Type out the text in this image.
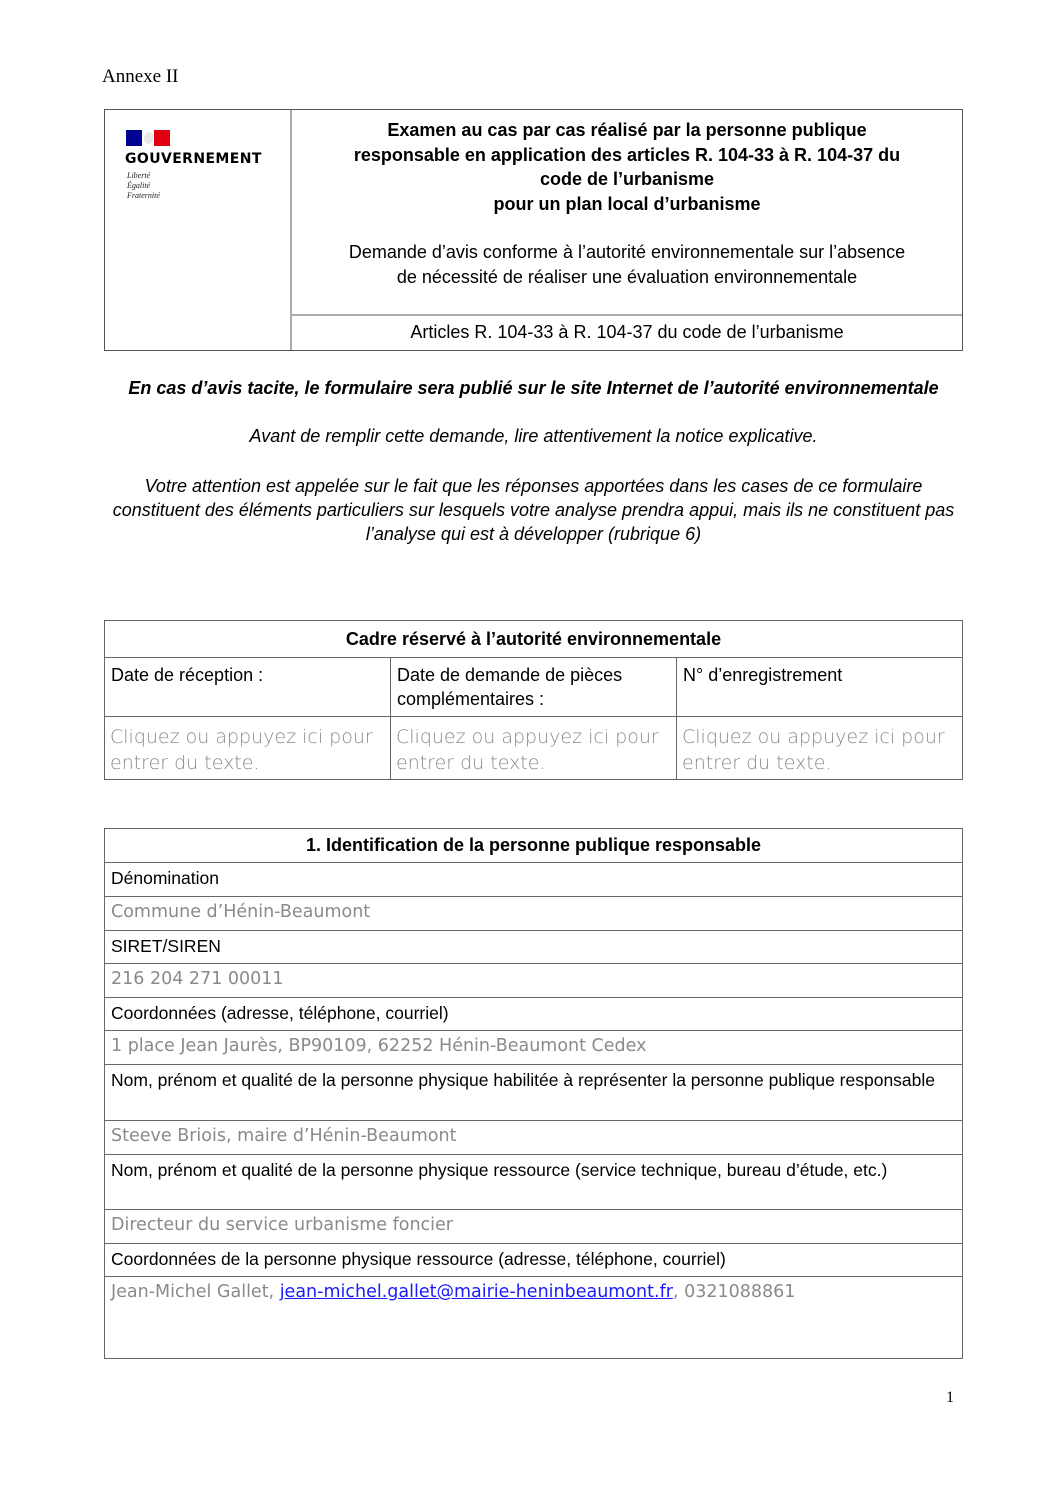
Annexe II
GOUVERNEMENT
Liberté
Égalité
Fraternité
Examen au cas par cas réalisé par la personne publique
responsable en application des articles R. 104-33 à R. 104-37 du
code de l’urbanisme
pour un plan local d’urbanisme
Demande d’avis conforme à l’autorité environnementale sur l’absence
de nécessité de réaliser une évaluation environnementale
Articles R. 104-33 à R. 104-37 du code de l’urbanisme
En cas d’avis tacite, le formulaire sera publié sur le site Internet de l’autorité environnementale
Avant de remplir cette demande, lire attentivement la notice explicative.
Votre attention est appelée sur le fait que les réponses apportées dans les cases de ce formulaire constituent des éléments particuliers sur lesquels votre analyse prendra appui, mais ils ne constituent pas l’analyse qui est à développer (rubrique 6)
Cadre réservé à l’autorité environnementale		
Date de réception :	Date de demande de pièces complémentaires :	N° d’enregistrement
Cliquez ou appuyez ici pour entrer du texte.	Cliquez ou appuyez ici pour entrer du texte.	Cliquez ou appuyez ici pour entrer du texte.
1. Identification de la personne publique responsable
Dénomination
Commune d’Hénin-Beaumont
SIRET/SIREN
216 204 271 00011
Coordonnées (adresse, téléphone, courriel)
1 place Jean Jaurès, BP90109, 62252 Hénin-Beaumont Cedex
Nom, prénom et qualité de la personne physique habilitée à représenter la personne publique responsable
Steeve Briois, maire d’Hénin-Beaumont
Nom, prénom et qualité de la personne physique ressource (service technique, bureau d’étude, etc.)
Directeur du service urbanisme foncier
Coordonnées de la personne physique ressource (adresse, téléphone, courriel)
Jean-Michel Gallet, jean-michel.gallet@mairie-heninbeaumont.fr, 0321088861
1
